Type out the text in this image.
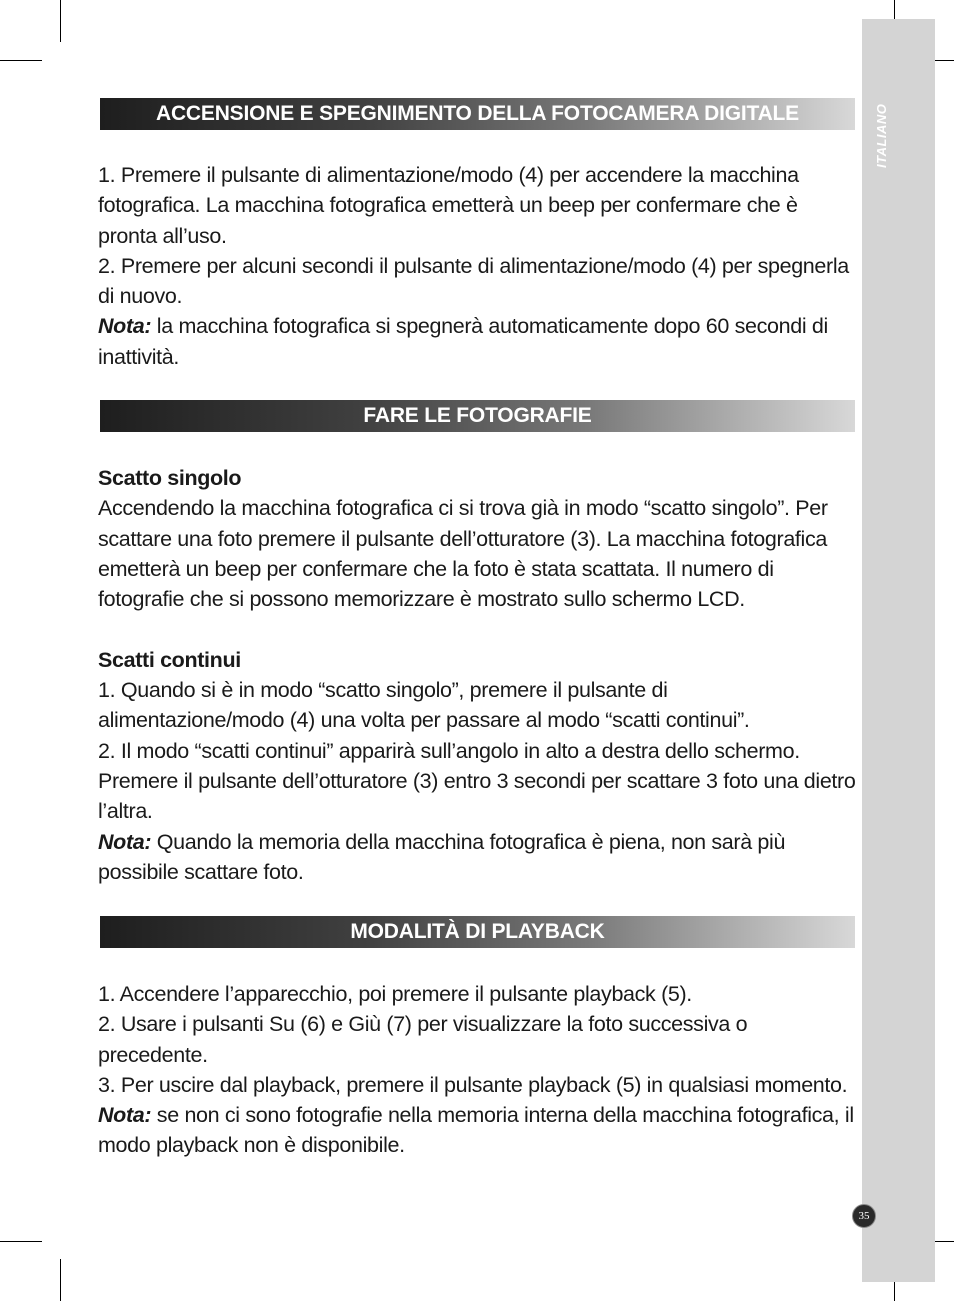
ITALIANO
35
ACCENSIONE E SPEGNIMENTO DELLA FOTOCAMERA DIGITALE

1. Premere il pulsante di alimentazione/modo (4) per accendere la macchina fotografica. La macchina fotografica emetterà un beep per confermare che è pronta all’uso.

2. Premere per alcuni secondi il pulsante di alimentazione/modo (4) per spegnerla di nuovo.

Nota: la macchina fotografica si spegnerà automaticamente dopo 60 secondi di inattività.

FARE LE FOTOGRAFIE

Scatto singolo

Accendendo la macchina fotografica ci si trova già in modo “scatto singolo”. Per scattare una foto premere il pulsante dell’otturatore (3). La macchina fotografica emetterà un beep per confermare che la foto è stata scattata. Il numero di fotografie che si possono memorizzare è mostrato sullo schermo LCD.

Scatti continui

1. Quando si è in modo “scatto singolo”, premere il pulsante di alimentazione/modo (4) una volta per passare al modo “scatti continui”.

2. Il modo “scatti continui” apparirà sull’angolo in alto a destra dello schermo. Premere il pulsante dell’otturatore (3) entro 3 secondi per scattare 3 foto una dietro l’altra.

Nota: Quando la memoria della macchina fotografica è piena, non sarà più possibile scattare foto.

MODALITÀ DI PLAYBACK

1. Accendere l’apparecchio, poi premere il pulsante playback (5).

2. Usare i pulsanti Su (6) e Giù (7) per visualizzare la foto successiva o precedente.

3. Per uscire dal playback, premere il pulsante playback (5) in qualsiasi momento.

Nota: se non ci sono fotografie nella memoria interna della macchina fotografica, il modo playback non è disponibile.
